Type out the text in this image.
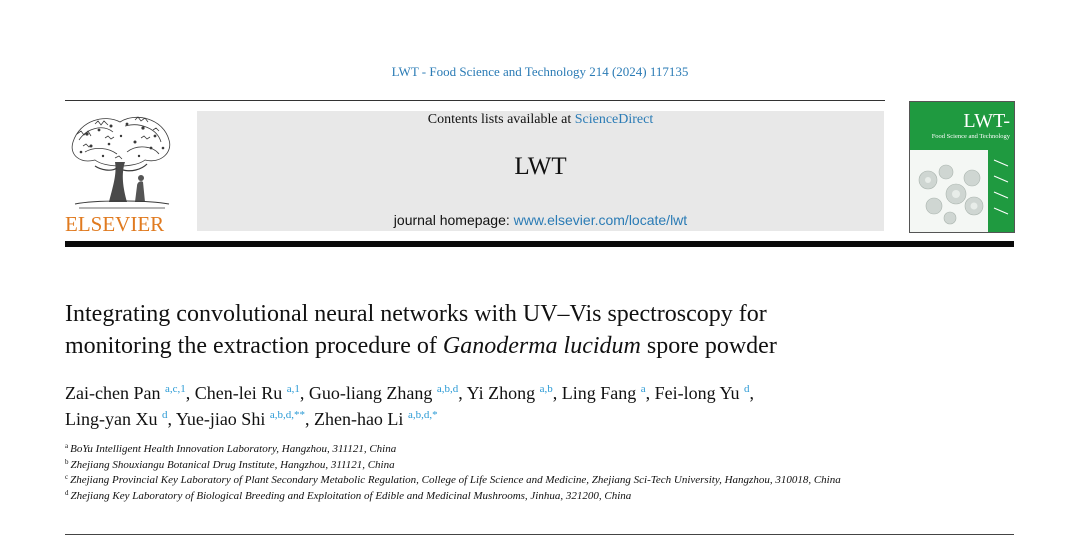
LWT - Food Science and Technology 214 (2024) 117135
ELSEVIER
Contents lists available at ScienceDirect
LWT
journal homepage: www.elsevier.com/locate/lwt
LWT-
Food Science and Technology
Integrating convolutional neural networks with UV–Vis spectroscopy for
monitoring the extraction procedure of Ganoderma lucidum spore powder
Zai-chen Pan $^{a,c,1}$, Chen-lei Ru $^{a,1}$, Guo-liang Zhang $^{a,b,d}$, Yi Zhong $^{a,b}$, Ling Fang $^a$, Fei-long Yu $^d$,
Ling-yan Xu $^d$, Yue-jiao Shi $^{a,b,d,**}$, Zhen-hao Li $^{a,b,d,*}$
$^a$ BoYu Intelligent Health Innovation Laboratory, Hangzhou, 311121, China
$^b$ Zhejiang Shouxiangu Botanical Drug Institute, Hangzhou, 311121, China
$^c$ Zhejiang Provincial Key Laboratory of Plant Secondary Metabolic Regulation, College of Life Science and Medicine, Zhejiang Sci-Tech University, Hangzhou, 310018, China
$^d$ Zhejiang Key Laboratory of Biological Breeding and Exploitation of Edible and Medicinal Mushrooms, Jinhua, 321200, China
